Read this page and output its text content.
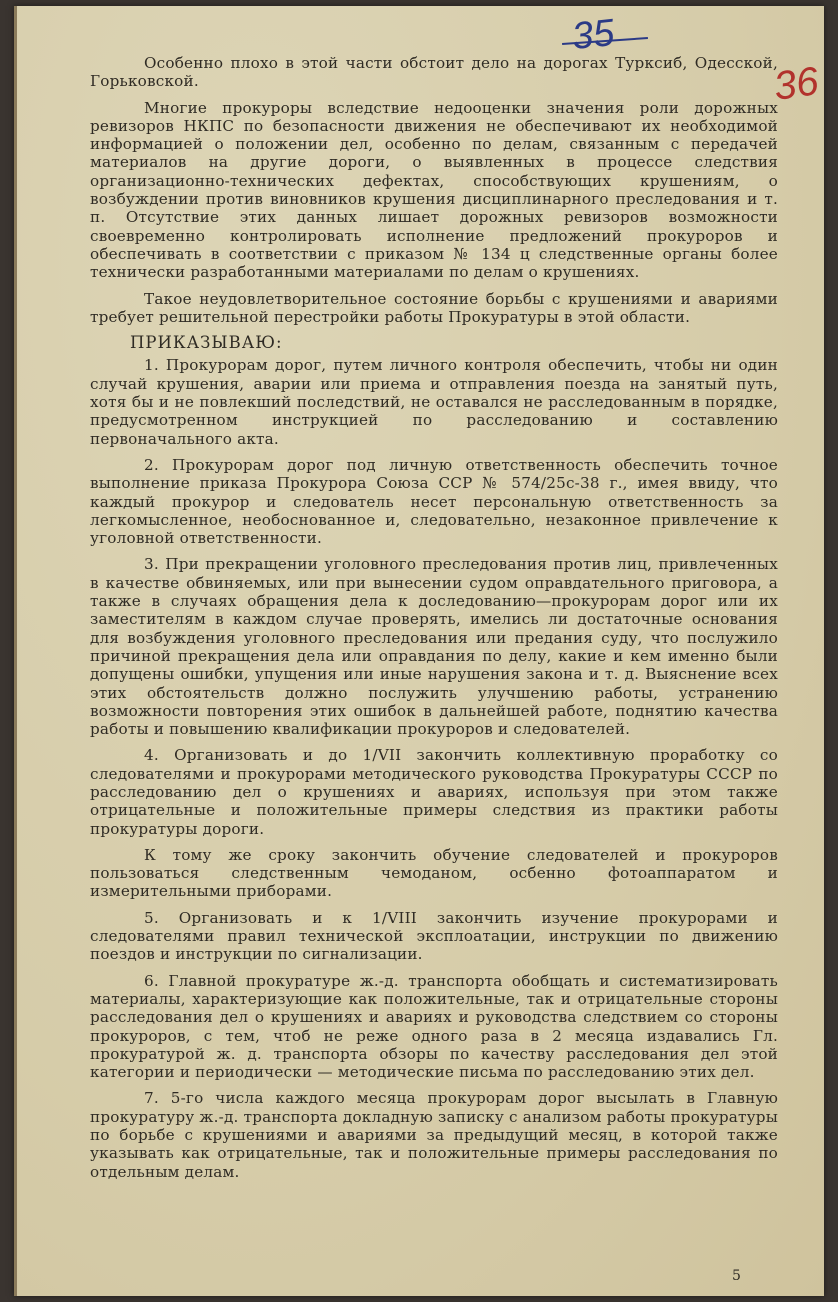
35
36

Особенно плохо в этой части обстоит дело на дорогах Турксиб, Одесской, Горьковской.

Многие прокуроры вследствие недооценки значения роли дорожных ревизоров НКПС по безопасности движения не обеспечивают их необходимой информацией о положении дел, особенно по делам, связанным с передачей материалов на другие дороги, о выявленных в процессе следствия организационно-технических дефектах, способствующих крушениям, о возбуждении против виновников крушения дисциплинарного преследования и т. п. Отсутствие этих данных лишает дорожных ревизоров возможности своевременно контролировать исполнение предложений прокуроров и обеспечивать в соответствии с приказом № 134 ц следственные органы более технически разработанными материалами по делам о крушениях.

Такое неудовлетворительное состояние борьбы с крушениями и авариями требует решительной перестройки работы Прокуратуры в этой области.

ПРИКАЗЫВАЮ:

1. Прокурорам дорог, путем личного контроля обеспечить, чтобы ни один случай крушения, аварии или приема и отправления поезда на занятый путь, хотя бы и не повлекший последствий, не оставался не расследованным в порядке, предусмотренном инструкцией по расследованию и составлению первоначального акта.

2. Прокурорам дорог под личную ответственность обеспечить точное выполнение приказа Прокурора Союза ССР № 574/25с-38 г., имея ввиду, что каждый прокурор и следователь несет персональную ответственность за легкомысленное, необоснованное и, следовательно, незаконное привлечение к уголовной ответственности.

3. При прекращении уголовного преследования против лиц, привлеченных в качестве обвиняемых, или при вынесении судом оправдательного приговора, а также в случаях обращения дела к доследованию—прокурорам дорог или их заместителям в каждом случае проверять, имелись ли достаточные основания для возбуждения уголовного преследования или предания суду, что послужило причиной прекращения дела или оправдания по делу, какие и кем именно были допущены ошибки, упущения или иные нарушения закона и т. д. Выяснение всех этих обстоятельств должно послужить улучшению работы, устранению возможности повторения этих ошибок в дальнейшей работе, поднятию качества работы и повышению квалификации прокуроров и следователей.

4. Организовать и до 1/VII закончить коллективную проработку со следователями и прокурорами методического руководства Прокуратуры СССР по расследованию дел о крушениях и авариях, используя при этом также отрицательные и положительные примеры следствия из практики работы прокуратуры дороги.

К тому же сроку закончить обучение следователей и прокуроров пользоваться следственным чемоданом, осбенно фотоаппаратом и измерительными приборами.

5. Организовать и к 1/VIII закончить изучение прокурорами и следователями правил технической эксплоатации, инструкции по движению поездов и инструкции по сигнализации.

6. Главной прокуратуре ж.-д. транспорта обобщать и систематизировать материалы, характеризующие как положительные, так и отрицательные стороны расследования дел о крушениях и авариях и руководства следствием со стороны прокуроров, с тем, чтоб не реже одного раза в 2 месяца издавались Гл. прокуратурой ж. д. транспорта обзоры по качеству расследования дел этой категории и периодически — методические письма по расследованию этих дел.

7. 5-го числа каждого месяца прокурорам дорог высылать в Главную прокуратуру ж.-д. транспорта докладную записку с анализом работы прокуратуры по борьбе с крушениями и авариями за предыдущий месяц, в которой также указывать как отрицательные, так и положительные примеры расследования по отдельным делам.

5
